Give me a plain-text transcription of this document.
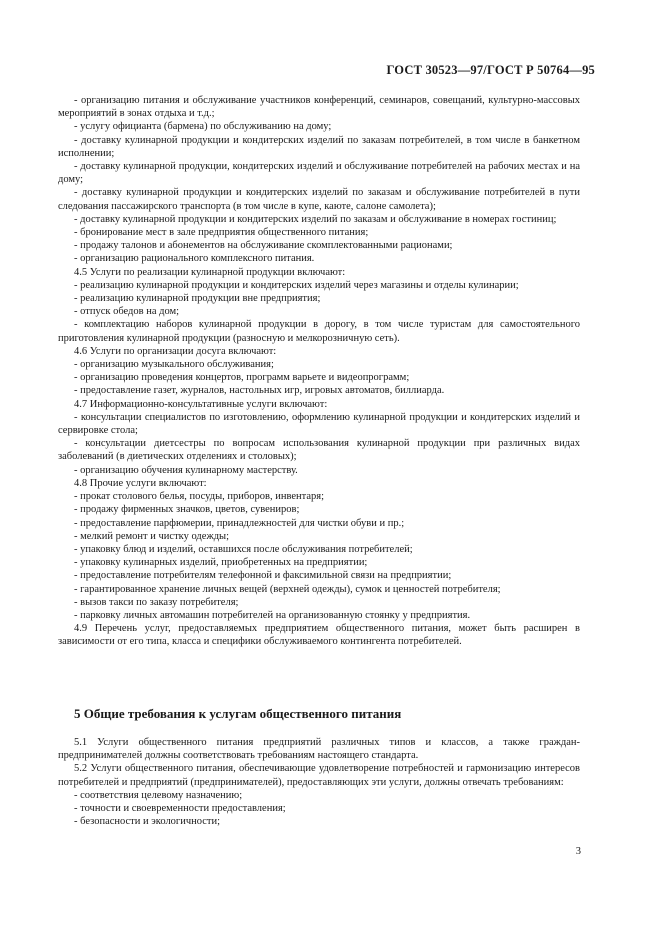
ГОСТ 30523—97/ГОСТ Р 50764—95

- организацию питания и обслуживание участников конференций, семинаров, совещаний, культурно-массовых мероприятий в зонах отдыха и т.д.;

- услугу официанта (бармена) по обслуживанию на дому;

- доставку кулинарной продукции и кондитерских изделий по заказам потребителей, в том числе в банкетном исполнении;

- доставку кулинарной продукции, кондитерских изделий и обслуживание потребителей на рабочих местах и на дому;

- доставку кулинарной продукции и кондитерских изделий по заказам и обслуживание потребителей в пути следования пассажирского транспорта (в том числе в купе, каюте, салоне самолета);

- доставку кулинарной продукции и кондитерских изделий по заказам и обслуживание в номерах гостиниц;

- бронирование мест в зале предприятия общественного питания;

- продажу талонов и абонементов на обслуживание скомплектованными рационами;

- организацию рационального комплексного питания.

4.5 Услуги по реализации кулинарной продукции включают:

- реализацию кулинарной продукции и кондитерских изделий через магазины и отделы кулинарии;

- реализацию кулинарной продукции вне предприятия;

- отпуск обедов на дом;

- комплектацию наборов кулинарной продукции в дорогу, в том числе туристам для самостоятельного приготовления кулинарной продукции (разносную и мелкорозничную сеть).

4.6 Услуги по организации досуга включают:

- организацию музыкального обслуживания;

- организацию проведения концертов, программ варьете и видеопрограмм;

- предоставление газет, журналов, настольных игр, игровых автоматов, биллиарда.

4.7 Информационно-консультативные услуги включают:

- консультации специалистов по изготовлению, оформлению кулинарной продукции и кондитерских изделий и сервировке стола;

- консультации диетсестры по вопросам использования кулинарной продукции при различных видах заболеваний (в диетических отделениях и столовых);

- организацию обучения кулинарному мастерству.

4.8 Прочие услуги включают:

- прокат столового белья, посуды, приборов, инвентаря;

- продажу фирменных значков, цветов, сувениров;

- предоставление парфюмерии, принадлежностей для чистки обуви и пр.;

- мелкий ремонт и чистку одежды;

- упаковку блюд и изделий, оставшихся после обслуживания потребителей;

- упаковку кулинарных изделий, приобретенных на предприятии;

- предоставление потребителям телефонной и факсимильной связи на предприятии;

- гарантированное хранение личных вещей (верхней одежды), сумок и ценностей потребителя;

- вызов такси по заказу потребителя;

- парковку личных автомашин потребителей на организованную стоянку у предприятия.

4.9 Перечень услуг, предоставляемых предприятием общественного питания, может быть расширен в зависимости от его типа, класса и специфики обслуживаемого контингента потребителей.

5 Общие требования к услугам общественного питания

5.1 Услуги общественного питания предприятий различных типов и классов, а также граждан-предпринимателей должны соответствовать требованиям настоящего стандарта.

5.2 Услуги общественного питания, обеспечивающие удовлетворение потребностей и гармонизацию интересов потребителей и предприятий (предпринимателей), предоставляющих эти услуги, должны отвечать требованиям:

- соответствия целевому назначению;

- точности и своевременности предоставления;

- безопасности и экологичности;

3
